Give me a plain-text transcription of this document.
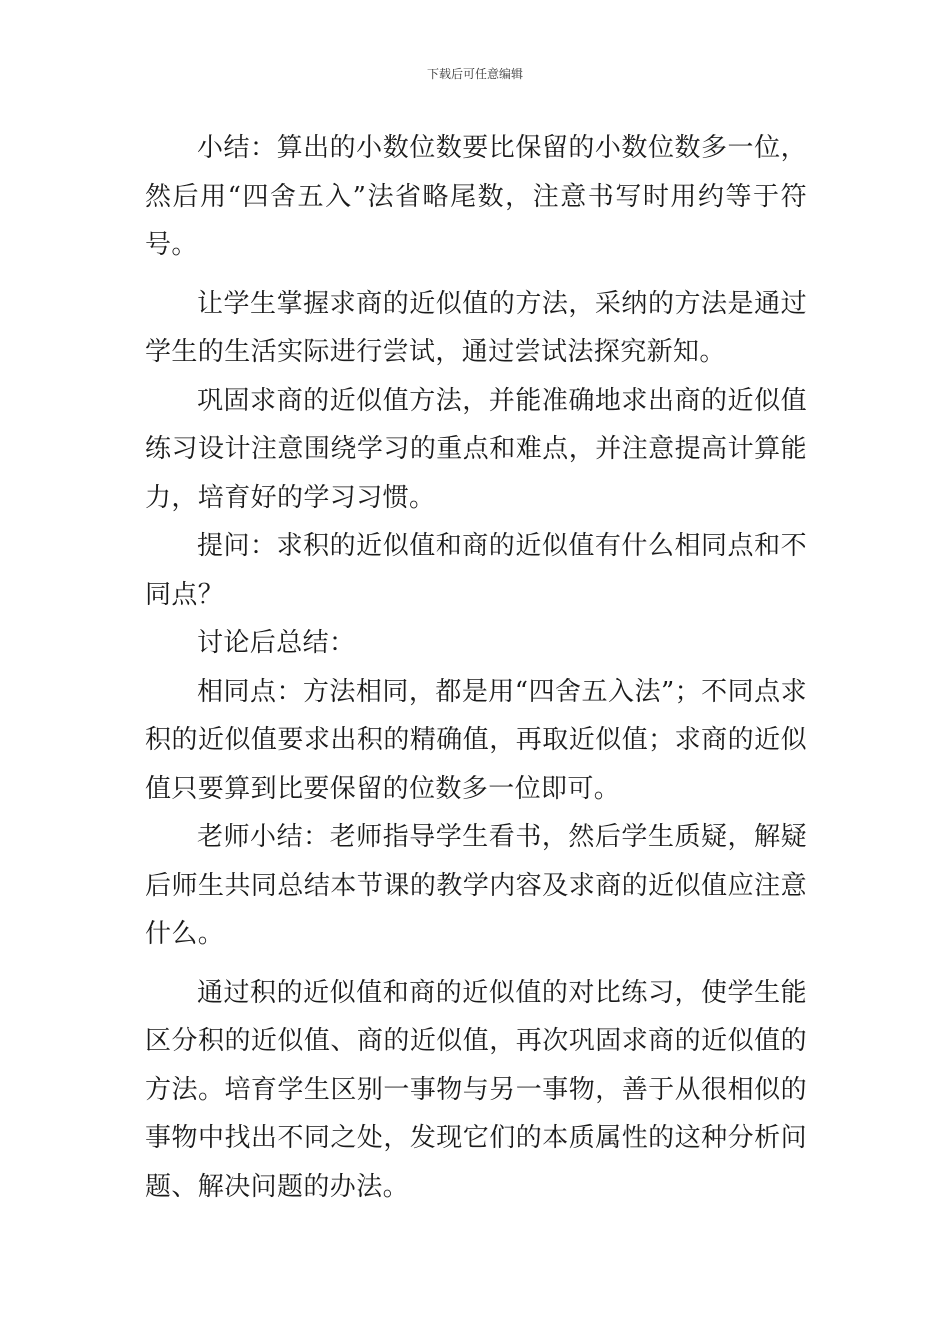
下载后可任意编辑

小结：算出的小数位数要比保留的小数位数多一位，然后用“四舍五入”法省略尾数，注意书写时用约等于符号。

让学生掌握求商的近似值的方法，采纳的方法是通过学生的生活实际进行尝试，通过尝试法探究新知。

巩固求商的近似值方法，并能准确地求出商的近似值练习设计注意围绕学习的重点和难点，并注意提高计算能力，培育好的学习习惯。

提问：求积的近似值和商的近似值有什么相同点和不同点？

讨论后总结：

相同点：方法相同，都是用“四舍五入法”；不同点求积的近似值要求出积的精确值，再取近似值；求商的近似值只要算到比要保留的位数多一位即可。

老师小结：老师指导学生看书，然后学生质疑，解疑后师生共同总结本节课的教学内容及求商的近似值应注意什么。

通过积的近似值和商的近似值的对比练习，使学生能区分积的近似值、商的近似值，再次巩固求商的近似值的方法。培育学生区别一事物与另一事物，善于从很相似的事物中找出不同之处，发现它们的本质属性的这种分析问题、解决问题的办法。
